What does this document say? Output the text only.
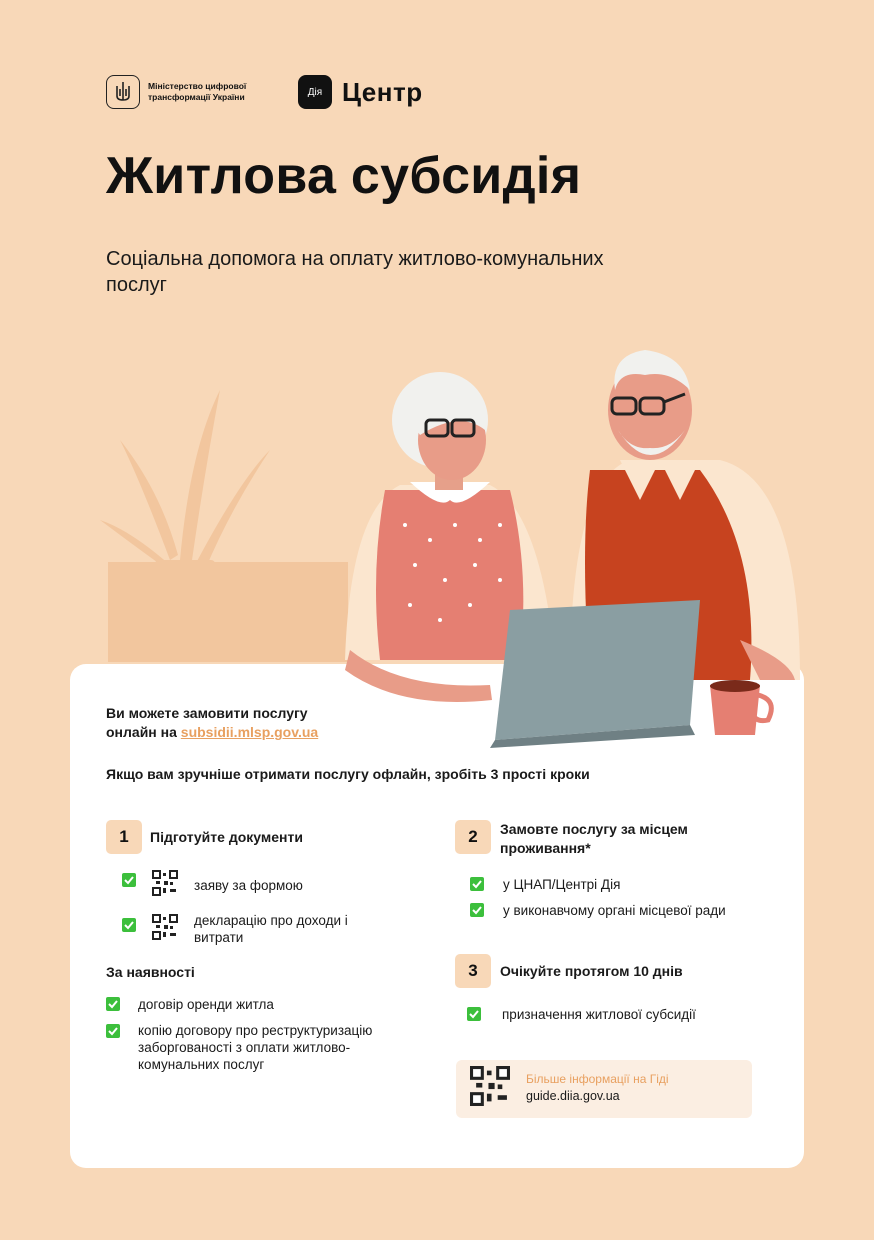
Міністерство цифрової трансформації України	Дія Центр
Житлова субсидія
Соціальна допомога на оплату житлово-комунальних послуг
Ви можете замовити послугу
онлайн на subsidii.mlsp.gov.ua
Якщо вам зручніше отримати послугу офлайн, зробіть 3 прості кроки
1	Підготуйте документи
заяву за формою
декларацію про доходи і витрати
За наявності
договір оренди житла
копію договору про реструктуризацію заборгованості з оплати житлово-комунальних послуг
2	Замовте послугу за місцем проживання*
у ЦНАП/Центрі Дія
у виконавчому органі місцевої ради
3	Очікуйте протягом 10 днів
призначення житлової субсидії
Більше інформації на Гіді
guide.diia.gov.ua
